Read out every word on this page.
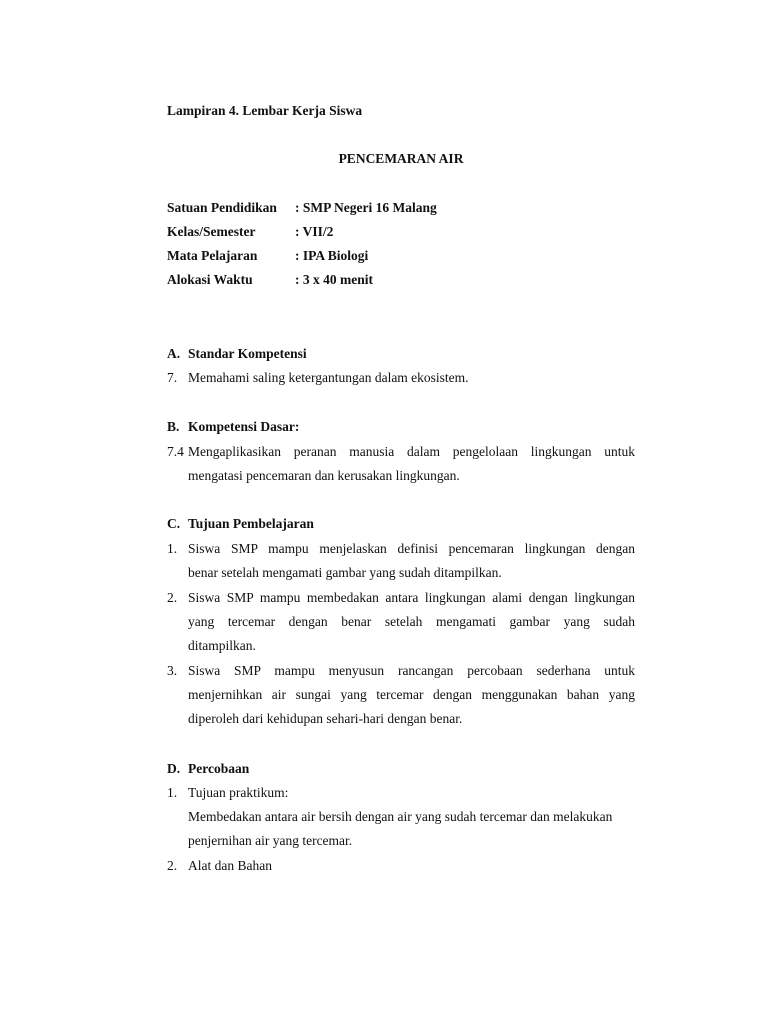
Lampiran 4. Lembar Kerja Siswa
PENCEMARAN AIR
Satuan Pendidikan : SMP Negeri 16 Malang
Kelas/Semester	: VII/2
Mata Pelajaran	: IPA Biologi
Alokasi Waktu	: 3 x 40 menit
A. Standar Kompetensi
7. Memahami saling ketergantungan dalam ekosistem.
B. Kompetensi Dasar:
7.4 Mengaplikasikan peranan manusia dalam pengelolaan lingkungan untuk
mengatasi pencemaran dan kerusakan lingkungan.
C. Tujuan Pembelajaran
1. Siswa SMP mampu menjelaskan definisi pencemaran lingkungan dengan
benar setelah mengamati gambar yang sudah ditampilkan.
2. Siswa SMP mampu membedakan antara lingkungan alami dengan lingkungan
yang tercemar dengan benar setelah mengamati gambar yang sudah
ditampilkan.
3. Siswa SMP mampu menyusun rancangan percobaan sederhana untuk
menjernihkan air sungai yang tercemar dengan menggunakan bahan yang
diperoleh dari kehidupan sehari-hari dengan benar.
D. Percobaan
1. Tujuan praktikum:
Membedakan antara air bersih dengan air yang sudah tercemar dan melakukan
penjernihan air yang tercemar.
2. Alat dan Bahan
